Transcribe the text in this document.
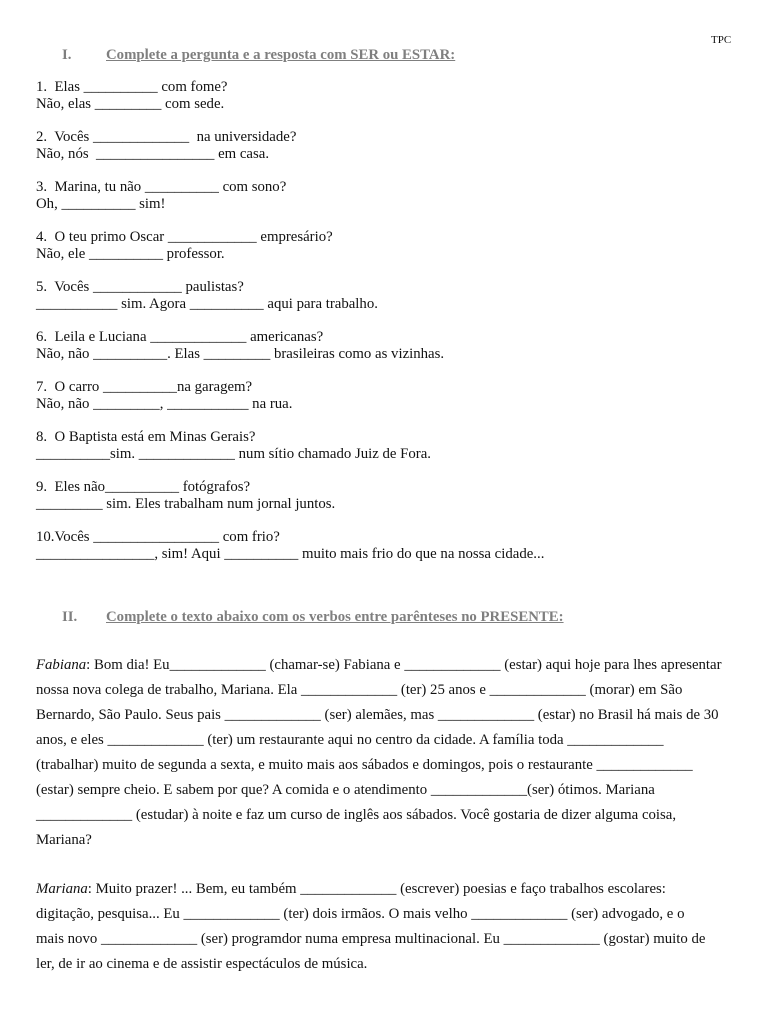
TPC
I. Complete a pergunta e a resposta com SER ou ESTAR:
1.  Elas __________ com fome?
Não, elas _________ com sede.
2.  Vocês _____________  na universidade?
Não, nós  ________________ em casa.
3.  Marina, tu não __________ com sono?
Oh, __________ sim!
4.  O teu primo Oscar ____________ empresário?
Não, ele __________ professor.
5.  Vocês ____________ paulistas?
___________ sim. Agora __________ aqui para trabalho.
6.  Leila e Luciana _____________ americanas?
Não, não __________. Elas _________ brasileiras como as vizinhas.
7.  O carro __________na garagem?
Não, não _________, ___________ na rua.
8.  O Baptista está em Minas Gerais?
__________sim. _____________ num sítio chamado Juiz de Fora.
9.  Eles não__________ fotógrafos?
_________ sim. Eles trabalham num jornal juntos.
10.Vocês _________________ com frio?
________________, sim! Aqui __________ muito mais frio do que na nossa cidade...
II. Complete o texto abaixo com os verbos entre parênteses no PRESENTE:
Fabiana: Bom dia! Eu_____________ (chamar-se) Fabiana e _____________ (estar) aqui hoje para lhes apresentar
nossa nova colega de trabalho, Mariana. Ela _____________ (ter) 25 anos e _____________ (morar) em São
Bernardo, São Paulo. Seus pais _____________ (ser) alemães, mas _____________ (estar) no Brasil há mais de 30
anos, e eles _____________ (ter) um restaurante aqui no centro da cidade. A família toda _____________
(trabalhar) muito de segunda a sexta, e muito mais aos sábados e domingos, pois o restaurante _____________
(estar) sempre cheio. E sabem por que? A comida e o atendimento _____________(ser) ótimos. Mariana
_____________ (estudar) à noite e faz um curso de inglês aos sábados. Você gostaria de dizer alguma coisa,
Mariana?
Mariana: Muito prazer! ... Bem, eu também _____________ (escrever) poesias e faço trabalhos escolares:
digitação, pesquisa... Eu _____________ (ter) dois irmãos. O mais velho _____________ (ser) advogado, e o
mais novo _____________ (ser) programdor numa empresa multinacional. Eu _____________ (gostar) muito de
ler, de ir ao cinema e de assistir espectáculos de música.
